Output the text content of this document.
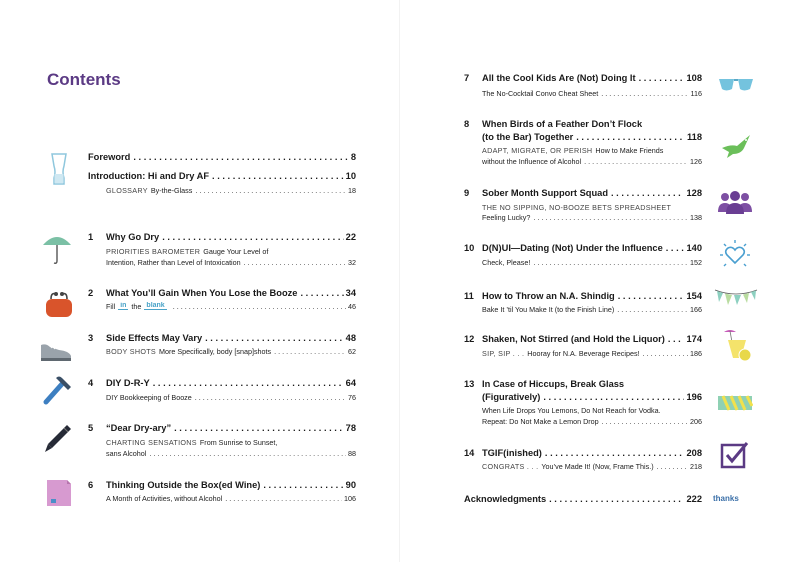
Contents
Foreword . . .	8
Introduction: Hi and Dry AF . . .	10
GLOSSARY By-the-Glass . . .	18
1 Why Go Dry . . .	22
PRIORITIES BAROMETER Gauge Your Level of
Intention, Rather than Level of Intoxication . . .	32
2 What You’ll Gain When You Lose the Booze . . .	34
Fill in the blank . . .	46
3 Side Effects May Vary . . .	48
BODY SHOTS More Specifically, body [snap]shots . . .	62
4 DIY D-R-Y . . .	64
DIY Bookkeeping of Booze . . .	76
5 “Dear Dry-ary” . . .	78
CHARTING SENSATIONS From Sunrise to Sunset,
sans Alcohol . . .	88
6 Thinking Outside the Box(ed Wine) . . .	90
A Month of Activities, without Alcohol . . .	106
7 All the Cool Kids Are (Not) Doing It . . .	108
The No-Cocktail Convo Cheat Sheet . . .	116
8 When Birds of a Feather Don’t Flock
(to the Bar) Together . . .	118
ADAPT, MIGRATE, OR PERISH How to Make Friends
without the Influence of Alcohol . . .	126
9 Sober Month Support Squad . . .	128
THE NO SIPPING, NO-BOOZE BETS SPREADSHEET
Feeling Lucky? . . .	138
10 D(N)UI—Dating (Not) Under the Influence . . .	140
Check, Please! . . .	152
11 How to Throw an N.A. Shindig . . .	154
Bake It ’til You Make It (to the Finish Line) . . .	166
12 Shaken, Not Stirred (and Hold the Liquor) . . . 174
SIP, SIP . . . Hooray for N.A. Beverage Recipes! . . .	186
13 In Case of Hiccups, Break Glass
(Figuratively) . . .	196
When Life Drops You Lemons, Do Not Reach for Vodka.
Repeat: Do Not Make a Lemon Drop . . .	206
14 TGIF(inished) . . .	208
CONGRATS . . . You’ve Made It! (Now, Frame This.) . . .	218
Acknowledgments . . .	222 thanks
